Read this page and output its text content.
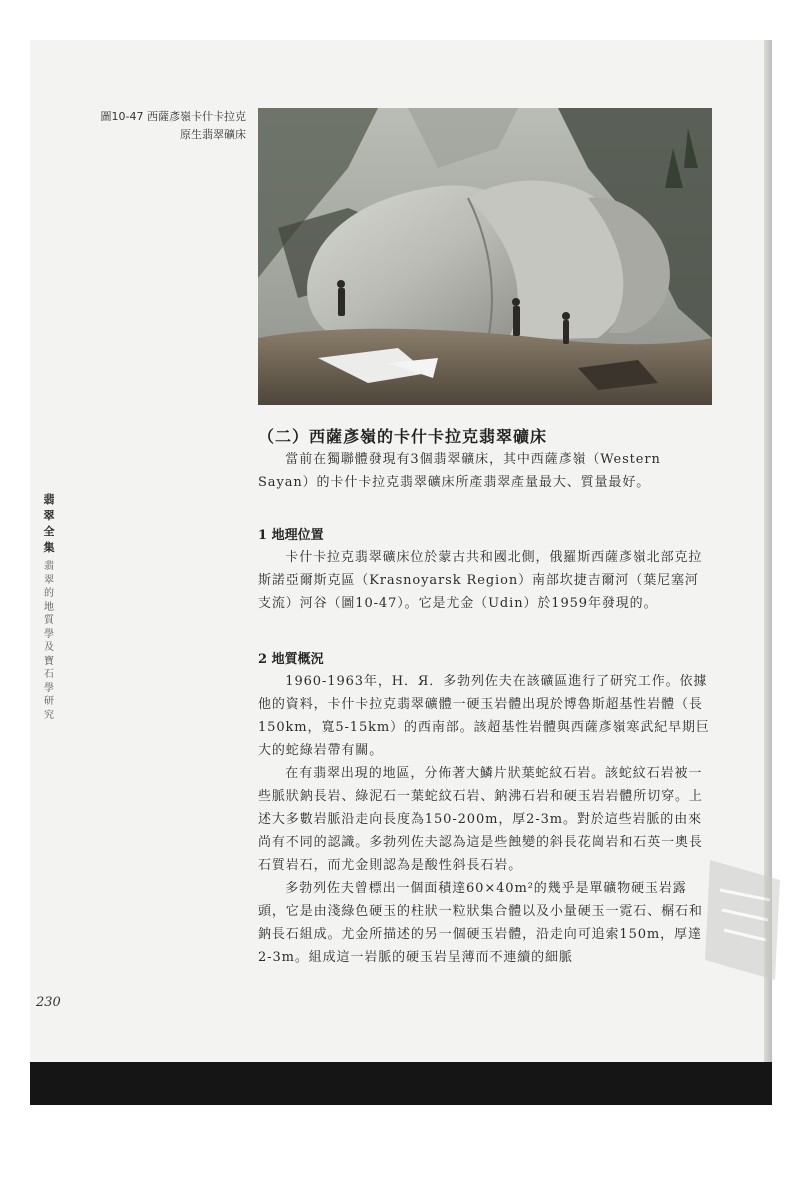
圖10-47 西薩彥嶺卡什卡拉克
原生翡翠礦床
翡
翠
全
集
翡
翠
的
地
質
學
及
寶
石
學
研
究
（二）西薩彥嶺的卡什卡拉克翡翠礦床

當前在獨聯體發現有3個翡翠礦床，其中西薩彥嶺（Western Sayan）的卡什卡拉克翡翠礦床所產翡翠產量最大、質量最好。

1 地理位置

卡什卡拉克翡翠礦床位於蒙古共和國北側，俄羅斯西薩彥嶺北部克拉斯諾亞爾斯克區（Krasnoyarsk Region）南部坎捷吉爾河（葉尼塞河支流）河谷（圖10-47）。它是尤金（Udin）於1959年發現的。

2 地質概況

1960-1963年，H．Я．多勃列佐夫在該礦區進行了研究工作。依據他的資料，卡什卡拉克翡翠礦體一硬玉岩體出現於博魯斯超基性岩體（長150km，寬5-15km）的西南部。該超基性岩體與西薩彥嶺寒武紀早期巨大的蛇綠岩帶有關。

在有翡翠出現的地區，分佈著大鱗片狀葉蛇紋石岩。該蛇紋石岩被一些脈狀鈉長岩、綠泥石一葉蛇紋石岩、鈉沸石岩和硬玉岩岩體所切穿。上述大多數岩脈沿走向長度為150-200m，厚2-3m。對於這些岩脈的由來尚有不同的認識。多勃列佐夫認為這是些蝕變的斜長花崗岩和石英一奧長石質岩石，而尤金則認為是酸性斜長石岩。

多勃列佐夫曾標出一個面積達60×40m²的幾乎是單礦物硬玉岩露頭，它是由淺綠色硬玉的柱狀一粒狀集合體以及小量硬玉一霓石、榍石和鈉長石組成。尤金所描述的另一個硬玉岩體，沿走向可追索150m，厚達2-3m。組成這一岩脈的硬玉岩呈薄而不連續的細脈

230
